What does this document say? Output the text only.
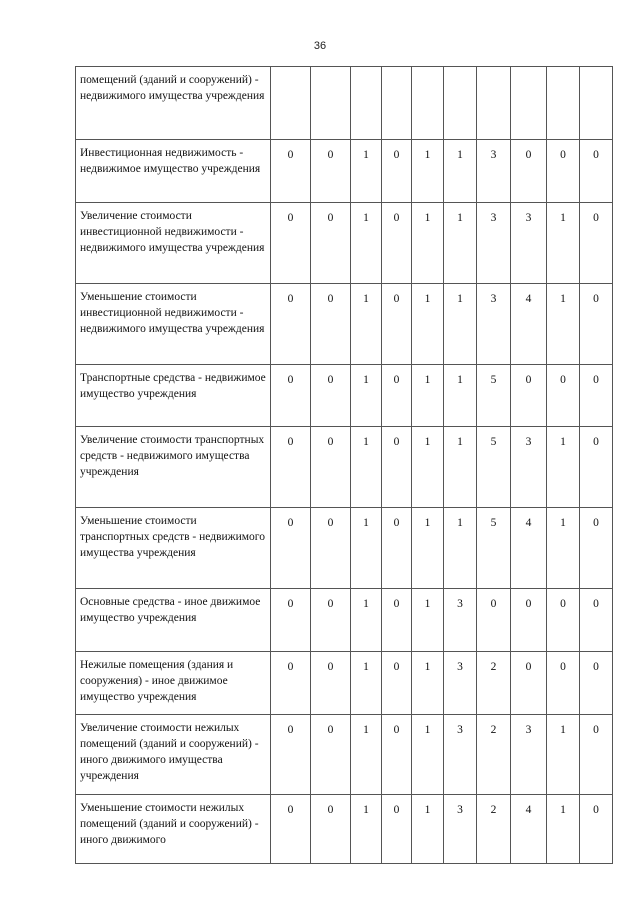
36
помещений (зданий и сооружений) - недвижимого имущества учреждения										
Инвестиционная недвижимость - недвижимое имущество учреждения	0	0	1	0	1	1	3	0	0	0
Увеличение стоимости инвестиционной недвижимости - недвижимого имущества учреждения	0	0	1	0	1	1	3	3	1	0
Уменьшение стоимости инвестиционной недвижимости - недвижимого имущества учреждения	0	0	1	0	1	1	3	4	1	0
Транспортные средства - недвижимое имущество учреждения	0	0	1	0	1	1	5	0	0	0
Увеличение стоимости транспортных средств - недвижимого имущества учреждения	0	0	1	0	1	1	5	3	1	0
Уменьшение стоимости транспортных средств - недвижимого имущества учреждения	0	0	1	0	1	1	5	4	1	0
Основные средства - иное движимое имущество учреждения	0	0	1	0	1	3	0	0	0	0
Нежилые помещения (здания и сооружения) - иное движимое имущество учреждения	0	0	1	0	1	3	2	0	0	0
Увеличение стоимости нежилых помещений (зданий и сооружений) - иного движимого имущества учреждения	0	0	1	0	1	3	2	3	1	0
Уменьшение стоимости нежилых помещений (зданий и сооружений) - иного движимого	0	0	1	0	1	3	2	4	1	0
